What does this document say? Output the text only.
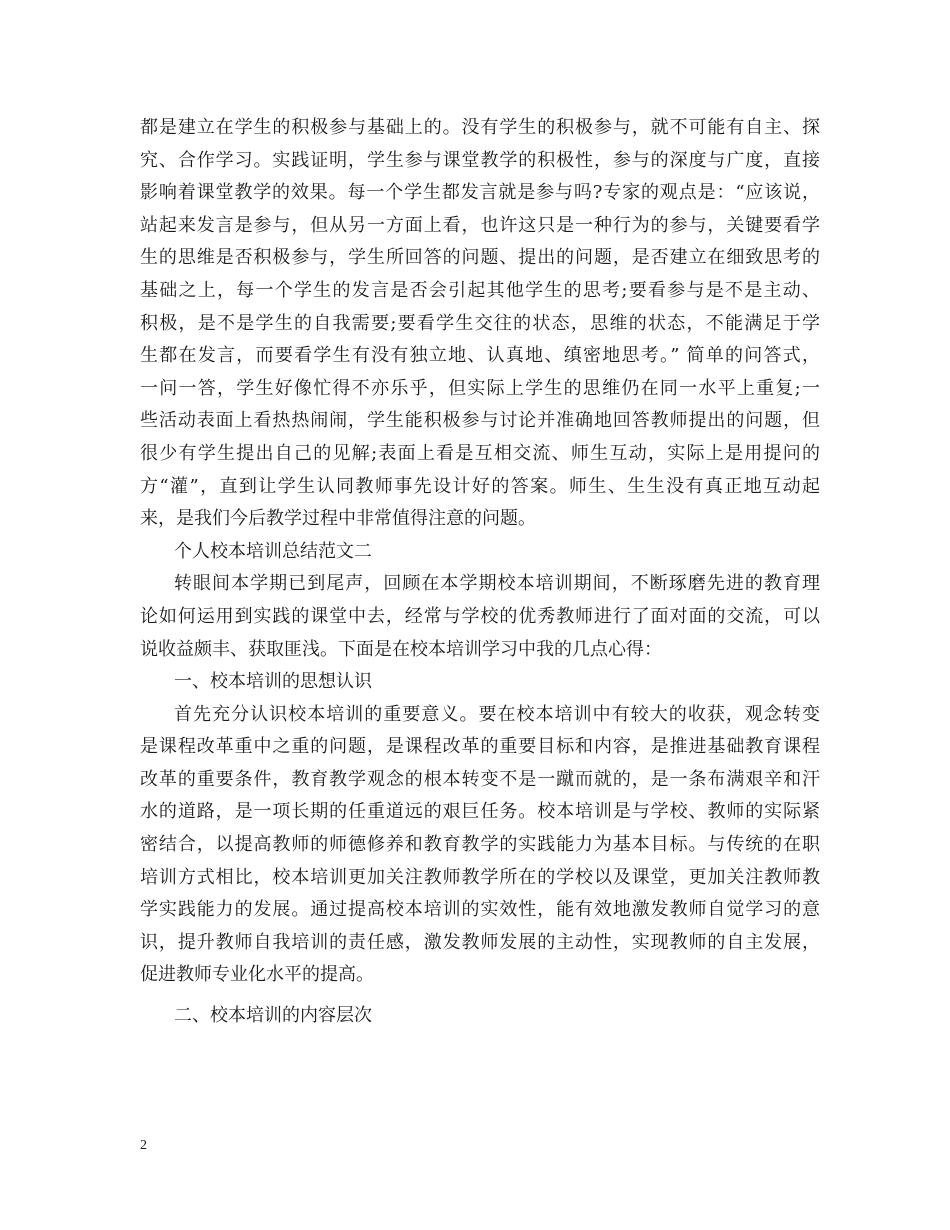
都是建立在学生的积极参与基础上的。没有学生的积极参与，就不可能有自主、探
究、合作学习。实践证明，学生参与课堂教学的积极性，参与的深度与广度，直接
影响着课堂教学的效果。每一个学生都发言就是参与吗?专家的观点是：“应该说，
站起来发言是参与，但从另一方面上看，也许这只是一种行为的参与，关键要看学
生的思维是否积极参与，学生所回答的问题、提出的问题，是否建立在细致思考的
基础之上，每一个学生的发言是否会引起其他学生的思考;要看参与是不是主动、
积极，是不是学生的自我需要;要看学生交往的状态，思维的状态，不能满足于学
生都在发言，而要看学生有没有独立地、认真地、缜密地思考。” 简单的问答式，
一问一答，学生好像忙得不亦乐乎，但实际上学生的思维仍在同一水平上重复;一
些活动表面上看热热闹闹，学生能积极参与讨论并准确地回答教师提出的问题，但
很少有学生提出自己的见解;表面上看是互相交流、师生互动，实际上是用提问的
方“灌”，直到让学生认同教师事先设计好的答案。师生、生生没有真正地互动起
来，是我们今后教学过程中非常值得注意的问题。
个人校本培训总结范文二
转眼间本学期已到尾声，回顾在本学期校本培训期间，不断琢磨先进的教育理
论如何运用到实践的课堂中去，经常与学校的优秀教师进行了面对面的交流，可以
说收益颇丰、获取匪浅。下面是在校本培训学习中我的几点心得：
一、校本培训的思想认识
首先充分认识校本培训的重要意义。要在校本培训中有较大的收获，观念转变
是课程改革重中之重的问题，是课程改革的重要目标和内容，是推进基础教育课程
改革的重要条件，教育教学观念的根本转变不是一蹴而就的，是一条布满艰辛和汗
水的道路，是一项长期的任重道远的艰巨任务。校本培训是与学校、教师的实际紧
密结合，以提高教师的师德修养和教育教学的实践能力为基本目标。与传统的在职
培训方式相比，校本培训更加关注教师教学所在的学校以及课堂，更加关注教师教
学实践能力的发展。通过提高校本培训的实效性，能有效地激发教师自觉学习的意
识，提升教师自我培训的责任感，激发教师发展的主动性，实现教师的自主发展，
促进教师专业化水平的提高。
二、校本培训的内容层次
2
